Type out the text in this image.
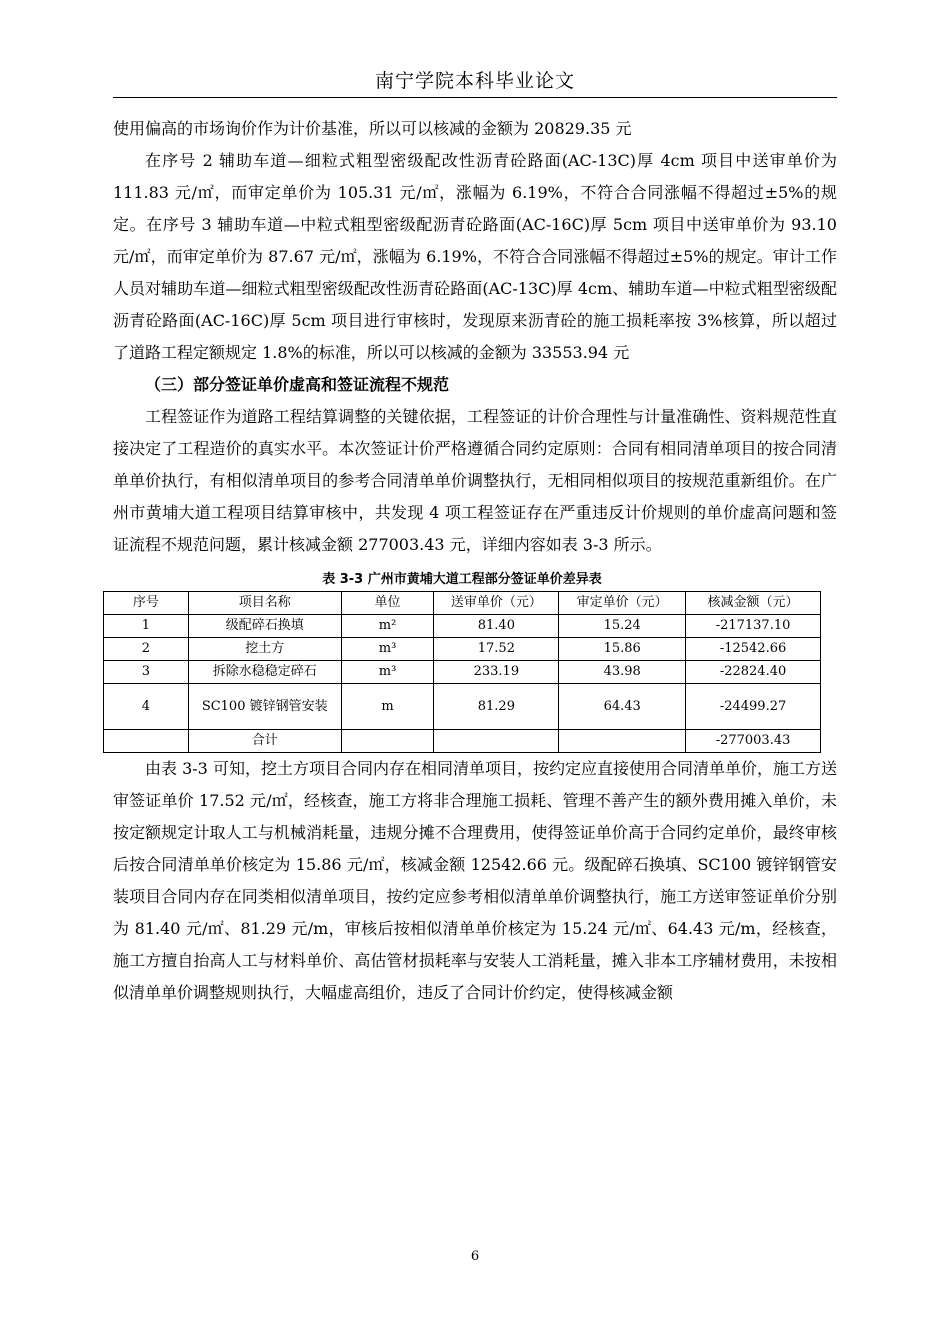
南宁学院本科毕业论文

使用偏高的市场询价作为计价基准，所以可以核减的金额为 20829.35 元

在序号 2 辅助车道—细粒式粗型密级配改性沥青砼路面(AC-13C)厚 4cm 项目中送审单价为 111.83 元/㎡，而审定单价为 105.31 元/㎡，涨幅为 6.19%，不符合合同涨幅不得超过±5%的规定。在序号 3 辅助车道—中粒式粗型密级配沥青砼路面(AC-16C)厚 5cm 项目中送审单价为 93.10 元/㎡，而审定单价为 87.67 元/㎡，涨幅为 6.19%，不符合合同涨幅不得超过±5%的规定。审计工作人员对辅助车道—细粒式粗型密级配改性沥青砼路面(AC-13C)厚 4cm、辅助车道—中粒式粗型密级配沥青砼路面(AC-16C)厚 5cm 项目进行审核时，发现原来沥青砼的施工损耗率按 3%核算，所以超过了道路工程定额规定 1.8%的标准，所以可以核减的金额为 33553.94 元

（三）部分签证单价虚高和签证流程不规范

工程签证作为道路工程结算调整的关键依据，工程签证的计价合理性与计量准确性、资料规范性直接决定了工程造价的真实水平。本次签证计价严格遵循合同约定原则：合同有相同清单项目的按合同清单单价执行，有相似清单项目的参考合同清单单价调整执行，无相同相似项目的按规范重新组价。在广州市黄埔大道工程项目结算审核中，共发现 4 项工程签证存在严重违反计价规则的单价虚高问题和签证流程不规范问题，累计核减金额 277003.43 元，详细内容如表 3-3 所示。

表 3-3 广州市黄埔大道工程部分签证单价差异表
序号	项目名称	单位	送审单价（元）	审定单价（元）	核减金额（元）
1	级配碎石换填	m²	81.40	15.24	-217137.10
2	挖土方	m³	17.52	15.86	-12542.66
3	拆除水稳稳定碎石	m³	233.19	43.98	-22824.40
4	SC100 镀锌钢管安装	m	81.29	64.43	-24499.27
	合计				-277003.43

由表 3-3 可知，挖土方项目合同内存在相同清单项目，按约定应直接使用合同清单单价，施工方送审签证单价 17.52 元/㎡，经核查，施工方将非合理施工损耗、管理不善产生的额外费用摊入单价，未按定额规定计取人工与机械消耗量，违规分摊不合理费用，使得签证单价高于合同约定单价，最终审核后按合同清单单价核定为 15.86 元/㎡，核减金额 12542.66 元。级配碎石换填、SC100 镀锌钢管安装项目合同内存在同类相似清单项目，按约定应参考相似清单单价调整执行，施工方送审签证单价分别为 81.40 元/㎡、81.29 元/m，审核后按相似清单单价核定为 15.24 元/㎡、64.43 元/m，经核查，施工方擅自抬高人工与材料单价、高估管材损耗率与安装人工消耗量，摊入非本工序辅材费用，未按相似清单单价调整规则执行，大幅虚高组价，违反了合同计价约定，使得核减金额

6
